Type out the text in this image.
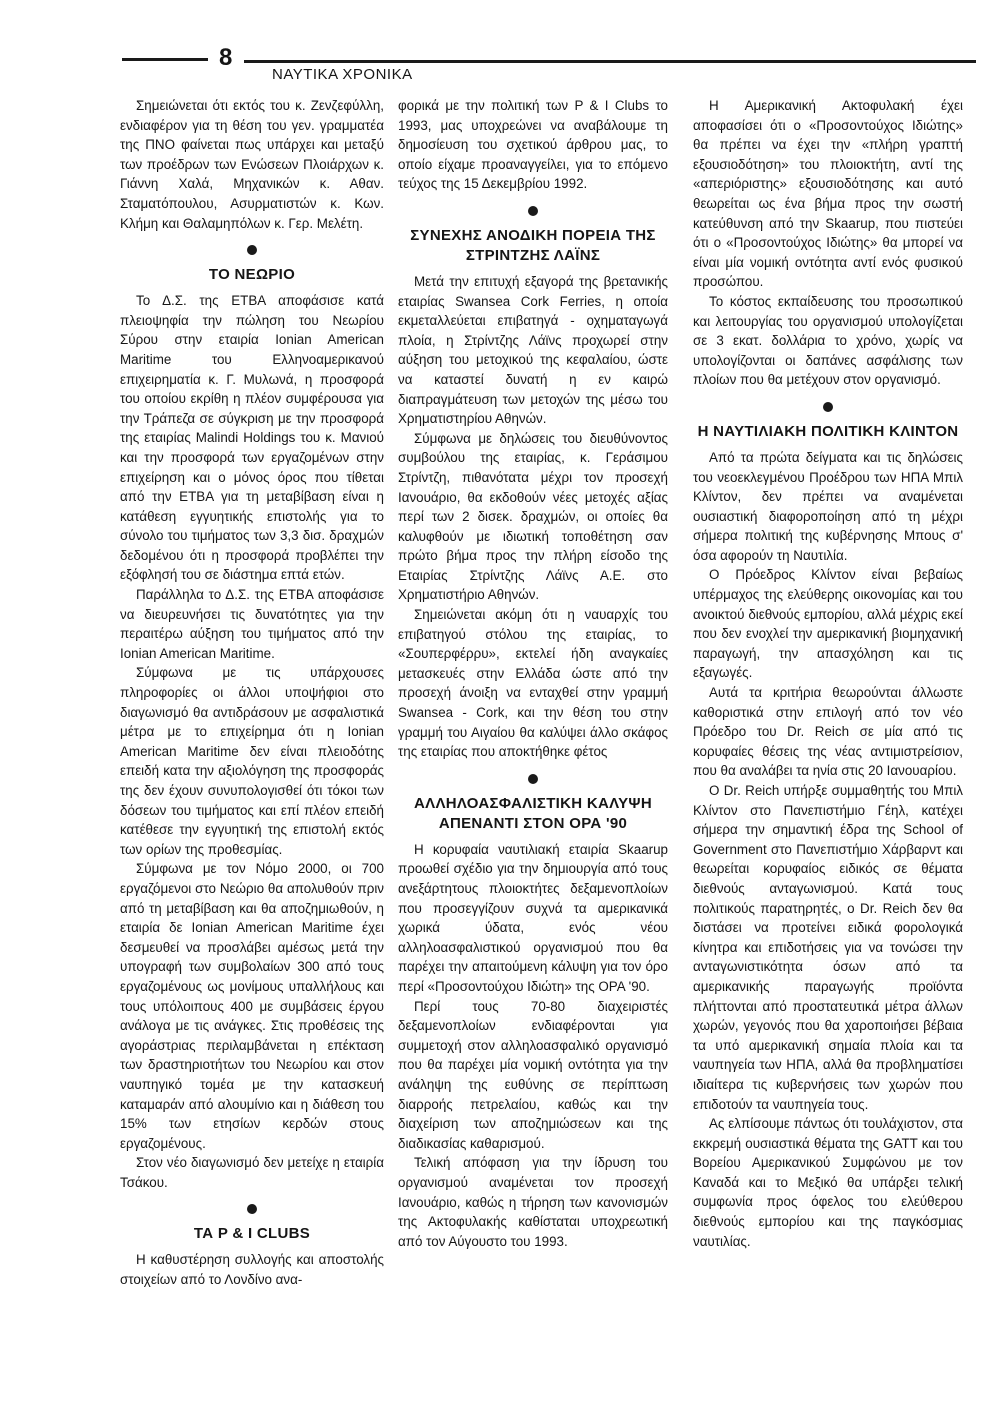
8
ΝΑΥΤΙΚΑ ΧΡΟΝΙΚΑ

Σημειώνεται ότι εκτός του κ. Ζενζεφύλλη, ενδιαφέρον για τη θέση του γεν. γραμματέα της ΠΝΟ φαίνεται πως υπάρχει και μεταξύ των προέδρων των Ενώσεων Πλοιάρχων κ. Γιάννη Χαλά, Μηχανικών κ. Αθαν. Σταματόπουλου, Ασυρματιστών κ. Κων. Κλήμη και Θαλαμηπόλων κ. Γερ. Μελέτη.

ΤΟ ΝΕΩΡΙΟ

Το Δ.Σ. της ΕΤΒΑ αποφάσισε κατά πλειοψηφία την πώληση του Νεωρίου Σύρου στην εταιρία Ionian American Maritime του Ελληνοαμερικανού επιχειρηματία κ. Γ. Μυλωνά, η προσφορά του οποίου εκρίθη η πλέον συμφέρουσα για την Τράπεζα σε σύγκριση με την προσφορά της εταιρίας Malindi Holdings του κ. Μανιού και την προσφορά των εργαζομένων στην επιχείρηση και ο μόνος όρος που τίθεται από την ΕΤΒΑ για τη μεταβίβαση είναι η κατάθεση εγγυητικής επιστολής για το σύνολο του τιμήματος των 3,3 δισ. δραχμών δεδομένου ότι η προσφορά προβλέπει την εξόφλησή του σε διάστημα επτά ετών.

Παράλληλα το Δ.Σ. της ΕΤΒΑ αποφάσισε να διευρευνήσει τις δυνατότητες για την περαιτέρω αύξηση του τιμήματος από την Ionian American Maritime.

Σύμφωνα με τις υπάρχουσες πληροφορίες οι άλλοι υποψήφιοι στο διαγωνισμό θα αντιδράσουν με ασφαλιστικά μέτρα με το επιχείρημα ότι η Ionian American Maritime δεν είναι πλειοδότης επειδή κατα την αξιολόγηση της προσφοράς της δεν έχουν συνυπολογισθεί ότι τόκοι των δόσεων του τιμήματος και επί πλέον επειδή κατέθεσε την εγγυητική της επιστολή εκτός των ορίων της προθεσμίας.

Σύμφωνα με τον Νόμο 2000, οι 700 εργαζόμενοι στο Νεώριο θα απολυθούν πριν από τη μεταβίβαση και θα αποζημιωθούν, η εταιρία δε Ionian American Maritime έχει δεσμευθεί να προσλάβει αμέσως μετά την υπογραφή των συμβολαίων 300 από τους εργαζομένους ως μονίμους υπαλλήλους και τους υπόλοιπους 400 με συμβάσεις έργου ανάλογα με τις ανάγκες. Στις προθέσεις της αγοράστριας περιλαμβάνεται η επέκταση των δραστηριοτήτων του Νεωρίου και στον ναυπηγικό τομέα με την κατασκευή καταμαράν από αλουμίνιο και η διάθεση του 15% των ετησίων κερδών στους εργαζομένους.

Στον νέο διαγωνισμό δεν μετείχε η εταιρία Τσάκου.

ΤΑ P & I CLUBS

Η καθυστέρηση συλλογής και αποστολής στοιχείων από το Λονδίνο ανα-

φορικά με την πολιτική των P & I Clubs το 1993, μας υποχρεώνει να αναβάλουμε τη δημοσίευση του σχετικού άρθρου μας, το οποίο είχαμε προαναγγείλει, για το επόμενο τεύχος της 15 Δεκεμβρίου 1992.

ΣΥΝΕΧΗΣ ΑΝΟΔΙΚΗ ΠΟΡΕΙΑ ΤΗΣ ΣΤΡΙΝΤΖΗΣ ΛΑΪΝΣ

Μετά την επιτυχή εξαγορά της βρετανικής εταιρίας Swansea Cork Ferries, η οποία εκμεταλλεύεται επιβατηγά - οχηματαγωγά πλοία, η Στρίντζης Λάϊνς προχωρεί στην αύξηση του μετοχικού της κεφαλαίου, ώστε να καταστεί δυνατή η εν καιρώ διαπραγμάτευση των μετοχών της μέσω του Χρηματιστηρίου Αθηνών.

Σύμφωνα με δηλώσεις του διευθύνοντος συμβούλου της εταιρίας, κ. Γεράσιμου Στρίντζη, πιθανότατα μέχρι τον προσεχή Ιανουάριο, θα εκδοθούν νέες μετοχές αξίας περί των 2 δισεκ. δραχμών, οι οποίες θα καλυφθούν με ιδιωτική τοποθέτηση σαν πρώτο βήμα προς την πλήρη είσοδο της Εταιρίας Στρίντζης Λάϊνς Α.Ε. στο Χρηματιστήριο Αθηνών.

Σημειώνεται ακόμη ότι η ναυαρχίς του επιβατηγού στόλου της εταιρίας, το «Σουπερφέρρυ», εκτελεί ήδη αναγκαίες μετασκευές στην Ελλάδα ώστε από την προσεχή άνοιξη να ενταχθεί στην γραμμή Swansea - Cork, και την θέση του στην γραμμή του Αιγαίου θα καλύψει άλλο σκάφος της εταιρίας που αποκτήθηκε φέτος

ΑΛΛΗΛΟΑΣΦΑΛΙΣΤΙΚΗ ΚΑΛΥΨΗ ΑΠΕΝΑΝΤΙ ΣΤΟΝ ΟΡΑ '90

Η κορυφαία ναυτιλιακή εταιρία Skaarup προωθεί σχέδιο για την δημιουργία από τους ανεξάρτητους πλοιοκτήτες δεξαμενοπλοίων που προσεγγίζουν συχνά τα αμερικανικά χωρικά ύδατα, ενός νέου αλληλοασφαλιστικού οργανισμού που θα παρέχει την απαιτούμενη κάλυψη για τον όρο περί «Προσοντούχου Ιδιώτη» της ΟΡΑ '90.

Περί τους 70-80 διαχειριστές δεξαμενοπλοίων ενδιαφέρονται για συμμετοχή στον αλληλοασφαλικό οργανισμό που θα παρέχει μία νομική οντότητα για την ανάληψη της ευθύνης σε περίπτωση διαρροής πετρελαίου, καθώς και την διαχείριση των αποζημιώσεων και της διαδικασίας καθαρισμού.

Τελική απόφαση για την ίδρυση του οργανισμού αναμένεται τον προσεχή Ιανουάριο, καθώς η τήρηση των κανονισμών της Ακτοφυλακής καθίσταται υποχρεωτική από τον Αύγουστο του 1993.

Η Αμερικανική Ακτοφυλακή έχει αποφασίσει ότι ο «Προσοντούχος Ιδιώτης» θα πρέπει να έχει την «πλήρη γραπτή εξουσιοδότηση» του πλοιοκτήτη, αντί της «απεριόριστης» εξουσιοδότησης και αυτό θεωρείται ως ένα βήμα προς την σωστή κατεύθυνση από την Skaarup, που πιστεύει ότι ο «Προσοντούχος Ιδιώτης» θα μπορεί να είναι μία νομική οντότητα αντί ενός φυσικού προσώπου.

Το κόστος εκπαίδευσης του προσωπικού και λειτουργίας του οργανισμού υπολογίζεται σε 3 εκατ. δολλάρια το χρόνο, χωρίς να υπολογίζονται οι δαπάνες ασφάλισης των πλοίων που θα μετέχουν στον οργανισμό.

Η ΝΑΥΤΙΛΙΑΚΗ ΠΟΛΙΤΙΚΗ ΚΛΙΝΤΟΝ

Από τα πρώτα δείγματα και τις δηλώσεις του νεοεκλεγμένου Προέδρου των ΗΠΑ Μπιλ Κλίντον, δεν πρέπει να αναμένεται ουσιαστική διαφοροποίηση από τη μέχρι σήμερα πολιτική της κυβέρνησης Μπους σ' όσα αφορούν τη Ναυτιλία.

Ο Πρόεδρος Κλίντον είναι βεβαίως υπέρμαχος της ελεύθερης οικονομίας και του ανοικτού διεθνούς εμπορίου, αλλά μέχρις εκεί που δεν ενοχλεί την αμερικανική βιομηχανική παραγωγή, την απασχόληση και τις εξαγωγές.

Αυτά τα κριτήρια θεωρούνται άλλωστε καθοριστικά στην επιλογή από τον νέο Πρόεδρο του Dr. Reich σε μία από τις κορυφαίες θέσεις της νέας αντιμιστρείσιον, που θα αναλάβει τα ηνία στις 20 Ιανουαρίου.

Ο Dr. Reich υπήρξε συμμαθητής του Μπιλ Κλίντον στο Πανεπιστήμιο Γέηλ, κατέχει σήμερα την σημαντική έδρα της School of Government στο Πανεπιστήμιο Χάρβαρντ και θεωρείται κορυφαίος ειδικός σε θέματα διεθνούς ανταγωνισμού. Κατά τους πολιτικούς παρατηρητές, ο Dr. Reich δεν θα διστάσει να προτείνει ειδικά φορολογικά κίνητρα και επιδοτήσεις για να τονώσει την ανταγωνιστικότητα όσων από τα αμερικανικής παραγωγής προϊόντα πλήττονται από προστατευτικά μέτρα άλλων χωρών, γεγονός που θα χαροποιήσει βέβαια τα υπό αμερικανική σημαία πλοία και τα ναυπηγεία των ΗΠΑ, αλλά θα προβληματίσει ιδιαίτερα τις κυβερνήσεις των χωρών που επιδοτούν τα ναυπηγεία τους.

Ας ελπίσουμε πάντως ότι τουλάχιστον, στα εκκρεμή ουσιαστικά θέματα της GATT και του Βορείου Αμερικανικού Συμφώνου με τον Καναδά και το Μεξικό θα υπάρξει τελική συμφωνία προς όφελος του ελεύθερου διεθνούς εμπορίου και της παγκόσμιας ναυτιλίας.
